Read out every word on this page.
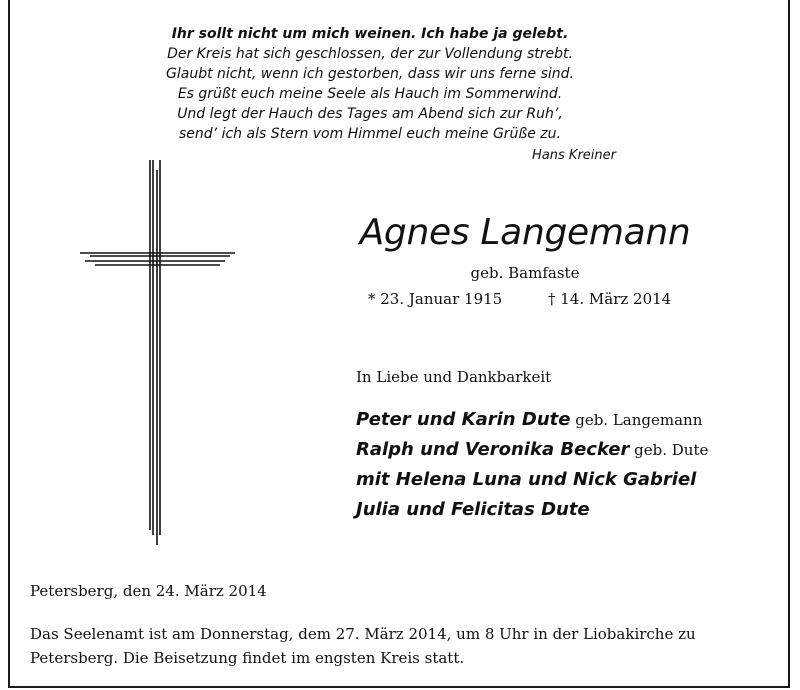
Ihr sollt nicht um mich weinen. Ich habe ja gelebt.
Der Kreis hat sich geschlossen, der zur Vollendung strebt.
Glaubt nicht, wenn ich gestorben, dass wir uns ferne sind.
Es grüßt euch meine Seele als Hauch im Sommerwind.
Und legt der Hauch des Tages am Abend sich zur Ruh’,
send’ ich als Stern vom Himmel euch meine Grüße zu.
Hans Kreiner
Agnes Langemann
geb. Bamfaste
* 23. Januar 1915	† 14. März 2014
In Liebe und Dankbarkeit
Peter und Karin Dute geb. Langemann
Ralph und Veronika Becker geb. Dute
mit Helena Luna und Nick Gabriel
Julia und Felicitas Dute
Petersberg, den 24. März 2014
Das Seelenamt ist am Donnerstag, dem 27. März 2014, um 8 Uhr in der Liobakirche zu Petersberg. Die Beisetzung findet im engsten Kreis statt.
